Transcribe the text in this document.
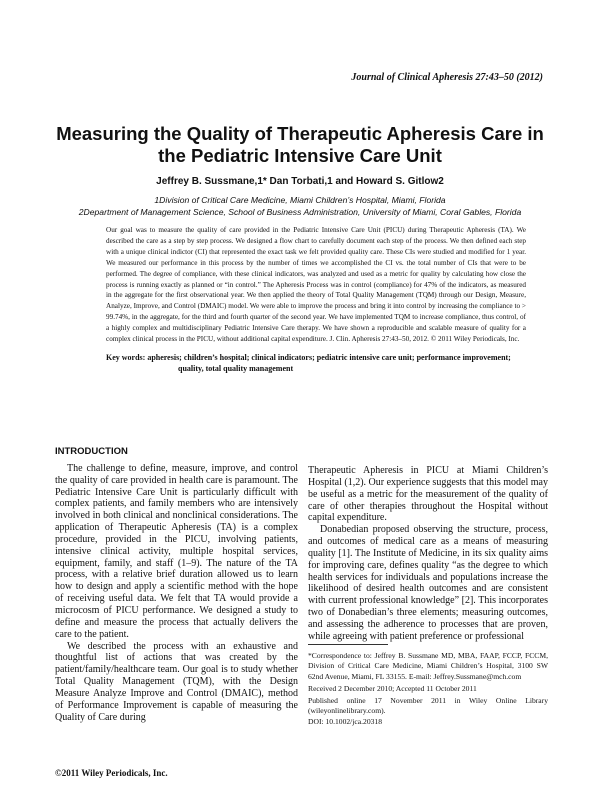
Journal of Clinical Apheresis 27:43–50 (2012)
Measuring the Quality of Therapeutic Apheresis Care in the Pediatric Intensive Care Unit
Jeffrey B. Sussmane,1* Dan Torbati,1 and Howard S. Gitlow2
1Division of Critical Care Medicine, Miami Children’s Hospital, Miami, Florida
2Department of Management Science, School of Business Administration, University of Miami, Coral Gables, Florida

Our goal was to measure the quality of care provided in the Pediatric Intensive Care Unit (PICU) during Therapeutic Apheresis (TA). We described the care as a step by step process. We designed a flow chart to carefully document each step of the process. We then defined each step with a unique clinical indictor (CI) that represented the exact task we felt provided quality care. These CIs were studied and modified for 1 year. We measured our performance in this process by the number of times we accomplished the CI vs. the total number of CIs that were to be performed. The degree of compliance, with these clinical indicators, was analyzed and used as a metric for quality by calculating how close the process is running exactly as planned or “in control.” The Apheresis Process was in control (compliance) for 47% of the indicators, as measured in the aggregate for the first observational year. We then applied the theory of Total Quality Management (TQM) through our Design, Measure, Analyze, Improve, and Control (DMAIC) model. We were able to improve the process and bring it into control by increasing the compliance to > 99.74%, in the aggregate, for the third and fourth quarter of the second year. We have implemented TQM to increase compliance, thus control, of a highly complex and multidisciplinary Pediatric Intensive Care therapy. We have shown a reproducible and scalable measure of quality for a complex clinical process in the PICU, without additional capital expenditure. J. Clin. Apheresis 27:43–50, 2012. © 2011 Wiley Periodicals, Inc.

Key words: apheresis; children’s hospital; clinical indicators; pediatric intensive care unit; performance improvement; quality, total quality management

INTRODUCTION

The challenge to define, measure, improve, and control the quality of care provided in health care is paramount. The Pediatric Intensive Care Unit is particularly difficult with complex patients, and family members who are intensively involved in both clinical and nonclinical considerations. The application of Therapeutic Apheresis (TA) is a complex procedure, provided in the PICU, involving patients, intensive clinical activity, multiple hospital services, equipment, family, and staff (1–9). The nature of the TA process, with a relative brief duration allowed us to learn how to design and apply a scientific method with the hope of receiving useful data. We felt that TA would provide a microcosm of PICU performance. We designed a study to define and measure the process that actually delivers the care to the patient.

We described the process with an exhaustive and thoughtful list of actions that was created by the patient/family/healthcare team. Our goal is to study whether Total Quality Management (TQM), with the Design Measure Analyze Improve and Control (DMAIC), method of Performance Improvement is capable of measuring the Quality of Care during

Therapeutic Apheresis in PICU at Miami Children’s Hospital (1,2). Our experience suggests that this model may be useful as a metric for the measurement of the quality of care of other therapies throughout the Hospital without capital expenditure.

Donabedian proposed observing the structure, process, and outcomes of medical care as a means of measuring quality [1]. The Institute of Medicine, in its six quality aims for improving care, defines quality “as the degree to which health services for individuals and populations increase the likelihood of desired health outcomes and are consistent with current professional knowledge” [2]. This incorporates two of Donabedian’s three elements; measuring outcomes, and assessing the adherence to processes that are proven, while agreeing with patient preference or professional

*Correspondence to: Jeffrey B. Sussmane MD, MBA, FAAP, FCCP, FCCM, Division of Critical Care Medicine, Miami Children’s Hospital, 3100 SW 62nd Avenue, Miami, FL 33155. E-mail: Jeffrey.Sussmane@mch.com
Received 2 December 2010; Accepted 11 October 2011
Published online 17 November 2011 in Wiley Online Library (wileyonlinelibrary.com).
DOI: 10.1002/jca.20318
©2011 Wiley Periodicals, Inc.
